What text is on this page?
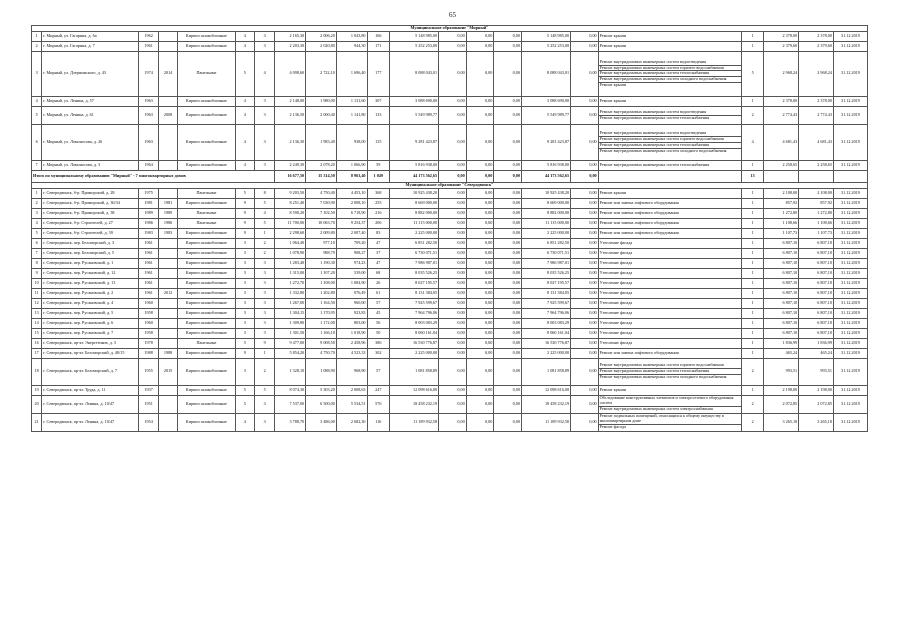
65
Муниципальное образование "Мирный"																					
1	г. Мирный, ул. Гагарина, д. 6а	1962		Кирпич шлакоблочные	4	3	2 165,30	2 006,20	1 043,80	166	5 148 985,00	0,00	0,00	0,00	5 148 985,00	0,00	Ремонт крыши	1	2 378,00	2 378,00	31.12.2019
2	г. Мирный, ул. Гагарина, д. 7	1961		Кирпич шлакоблочные	4	3	2 203,30	2 020,80	944,30	171	5 252 253,00	0,00	0,00	0,00	5 252 253,00	0,00	Ремонт крыши	1	2 379,60	2 379,60	31.12.2019
3	г. Мирный, ул. Дзержинского, д. 43	1974	2014	Панельные	5	4	4 098,60	2 722,10	1 696,40	177	8 088 043,01	0,00	0,00	0,00	8 088 043,01	0,00	Ремонт внутридомовых инженерных систем водоотведения
Ремонт внутридомовых инженерных систем горячего водоснабжения
Ремонт внутридомовых инженерных систем теплоснабжения
Ремонт внутридомовых инженерных систем холодного водоснабжения
Ремонт крыши	5	2 968,24	2 968,24	31.12.2019
4	г. Мирный, ул. Ленина, д. 57	1963		Кирпич шлакоблочные	4	3	2 148,00	1 980,00	1 131,60	307	3 088 690,00	0,00	0,00	0,00	3 088 690,00	0,00	Ремонт крыши	1	2 378,00	2 378,00	31.12.2019
5	г. Мирный, ул. Ленина, д. 61	1963	2008	Кирпич шлакоблочные	4	3	2 136,50	2 000,40	1 141,80	133	5 549 989,77	0,00	0,00	0,00	5 549 989,77	0,00	Ремонт внутридомовых инженерных систем водоотведения
Ремонт внутридомовых инженерных систем теплоснабжения	2	2 774,43	2 774,43	31.12.2019
6	г. Мирный, ул. Ломоносова, д. 26	1963		Кирпич шлакоблочные	4	3	2 136,30	1 983,40	938,00	135	9 281 423,87	0,00	0,00	0,00	9 281 423,87	0,00	Ремонт внутридомовых инженерных систем водоотведения
Ремонт внутридомовых инженерных систем горячего водоснабжения
Ремонт внутридомовых инженерных систем теплоснабжения
Ремонт внутридомовых инженерных систем холодного водоснабжения	4	4 681,43	4 681,43	31.12.2019
7	г. Мирный, ул. Ломоносова, д. 3	1964		Кирпич шлакоблочные	4	3	2 249,30	2 078,20	1 066,90	59	5 816 938,00	0,00	0,00	0,00	5 816 938,00	0,00	Ремонт внутридомовых инженерных систем теплоснабжения	1	2 258,65	2 258,65	31.12.2019
Итого по муниципальному образованию "Мирный" - 7 многоквартирных домов							16 677,50	15 314,50	8 963,40	1 049	44 173 562,65	0,00	0,00	0,00	44 173 562,65	0,00		15			
Муниципальное образование "Северодвинск"																					
1	г. Северодвинск, б-р. Приморский, д. 28	1975		Панельные	5	8	9 203,50	4 750,40	4 453,10	368	10 925 438,20	0,00	0,00	0,00	10 925 438,20	0,00	Ремонт крыши	1	2 108,00	2 108,00	31.12.2019
2	г. Северодвинск, б-р. Приморский, д. 30/34	1981	1981	Кирпич шлакоблочные	9	5	8 251,40	7 030,90	2 008,10	255	8 669 000,00	0,00	0,00	0,00	8 669 000,00	0,00	Ремонт или замена лифтового оборудования	1	857,92	857,92	31.12.2019
3	г. Северодвинск, б-р. Приморский, д. 38	1989	1989	Панельные	9	4	8 590,20	7 102,50	6 718,90	216	8 882 000,00	0,00	0,00	0,00	8 882 000,00	0,00	Ремонт или замена лифтового оборудования	1	1 272,80	1 272,80	31.12.2019
4	г. Северодвинск, б-р. Строителей, д. 27	1986	1986	Панельные	9	5	11 700,00	10 063,70	9 254,37	206	11 115 000,00	0,00	0,00	0,00	11 115 000,00	0,00	Ремонт или замена лифтового оборудования	1	1 108,66	1 108,66	31.12.2019
5	г. Северодвинск, б-р. Строителей, д. 39	1983	1983	Кирпич шлакоблочные	9	1	2 298,60	2 009,80	2 007,40	83	2 225 000,00	0,00	0,00	0,00	2 225 000,00	0,00	Ремонт или замена лифтового оборудования	1	1 107,73	1 107,73	31.12.2019
6	г. Северодвинск, пер. Беломорский, д. 3	1961		Кирпич шлакоблочные	3	2	1 064,40	977,10	709,20	47	6 851 282,50	0,00	0,00	0,00	6 851 282,50	0,00	Утепление фасада	1	6 807,10	6 807,10	31.12.2019
7	г. Северодвинск, пер. Беломорский, д. 5	1961		Кирпич шлакоблочные	3	2	1 078,90	988,79	908,27	37	6 730 071,51	0,00	0,00	0,00	6 730 071,51	0,00	Утепление фасада	1	6 807,10	6 807,10	31.12.2019
8	г. Северодвинск, пер. Русановский, д. 1	1961		Кирпич шлакоблочные	3	3	1 283,40	1 190,30	974,23	47	7 986 987,01	0,00	0,00	0,00	7 986 987,01	0,00	Утепление фасада	1	6 807,10	6 807,10	31.12.2019
9	г. Северодвинск, пер. Русановский, д. 12	1961		Кирпич шлакоблочные	3	3	1 315,00	1 107,20	539,00	68	8 035 526,25	0,00	0,00	0,00	8 035 526,25	0,00	Утепление фасада	1	6 807,10	6 807,10	31.12.2019
10	г. Северодвинск, пер. Русановский, д. 13	1961		Кирпич шлакоблочные	3	3	1 272,70	1 108,00	1 084,90	26	8 027 195,57	0,00	0,00	0,00	8 027 195,57	0,00	Утепление фасада	1	6 807,10	6 807,10	31.12.2019
11	г. Северодвинск, пер. Русановский, д. 2	1961	2012	Кирпич шлакоблочные	3	3	1 332,80	1 202,80	976,49	61	8 131 384,05	0,00	0,00	0,00	8 131 384,05	0,00	Утепление фасада	1	6 807,10	6 807,10	31.12.2019
12	г. Северодвинск, пер. Русановский, д. 4	1960		Кирпич шлакоблочные	3	3	1 267,00	1 164,50	960,00	57	7 925 599,67	0,00	0,00	0,00	7 925 599,67	0,00	Утепление фасада	1	6 807,10	6 807,10	31.12.2019
13	г. Северодвинск, пер. Русановский, д. 5	1958		Кирпич шлакоблочные	3	3	1 304,15	1 170,95	923,83	45	7 964 796,06	0,00	0,00	0,00	7 964 796,06	0,00	Утепление фасада	1	6 807,10	6 807,10	31.12.2019
14	г. Северодвинск, пер. Русановский, д. 6	1960		Кирпич шлакоблочные	3	3	1 309,80	1 172,00	803,00	56	8 003 083,29	0,00	0,00	0,00	8 003 083,29	0,00	Утепление фасада	1	6 807,10	6 807,10	31.12.2019
15	г. Северодвинск, пер. Русановский, д. 7	1958		Кирпич шлакоблочные	3	3	1 301,50	1 166,10	1 018,90	50	8 060 161,04	0,00	0,00	0,00	8 060 161,04	0,00	Утепление фасада	1	6 807,10	6 807,10	31.12.2019
16	г. Северодвинск, пр-кт. Энергетиков, д. 3	1978		Панельные	5	9	9 477,00	9 008,50	2 458,96	386	16 530 776,87	0,00	0,00	0,00	16 530 776,87	0,00	Утепление фасада	1	1 836,99	1 836,99	31.12.2019
17	г. Северодвинск, пр-кт. Беломорский, д. 40/15	1988	1988	Кирпич шлакоблочные	9	1	5 854,20	4 750,70	4 523,33	302	2 225 000,00	0,00	0,00	0,00	2 225 000,00	0,00	Ремонт или замена лифтового оборудования	1	465,24	465,24	31.12.2019
18	г. Северодвинск, пр-кт. Беломорский, д. 7	1955	2015	Кирпич шлакоблочные	3	2	1 328,10	1 088,90	968,90	57	1 081 858,89	0,00	0,00	0,00	1 081 858,89	0,00	Ремонт внутридомовых инженерных систем горячего водоснабжения
Ремонт внутридомовых инженерных систем теплоснабжения
Ремонт внутридомовых инженерных систем холодного водоснабжения	2	993,51	993,51	31.12.2019
19	г. Северодвинск, пр-кт. Труда, д. 11	1937		Кирпич шлакоблочные	5	5	8 074,30	5 303,20	2 008,63	247	12 098 616,00	0,00	0,00	0,00	12 098 616,00	0,00	Ремонт крыши	1	2 198,00	2 198,00	31.12.2019
20	г. Северодвинск, пр-кт. Ленина, д. 10/47	1951		Кирпич шлакоблочные	5	3	7 537,00	6 500,00	5 534,51	576	18 458 232,19	0,00	0,00	0,00	18 458 232,19	0,00	Обследование конструктивных элементов и электросетевого оборудования систем
Ремонт внутридомовых инженерных систем электроснабжения	2	2 072,85	2 072,85	31.12.2019
21	г. Северодвинск, пр-кт. Ленина, д. 10/47	1954		Кирпич шлакоблочные	4	3	3 788,70	3 486,00	2 682,30	116	11 189 932,58	0,00	0,00	0,00	11 189 932,58	0,00	Ремонт подвальных помещений, относящихся к общему имуществу в многоквартирном доме
Ремонт фасада	2	3 265,18	3 265,18	31.12.2019
